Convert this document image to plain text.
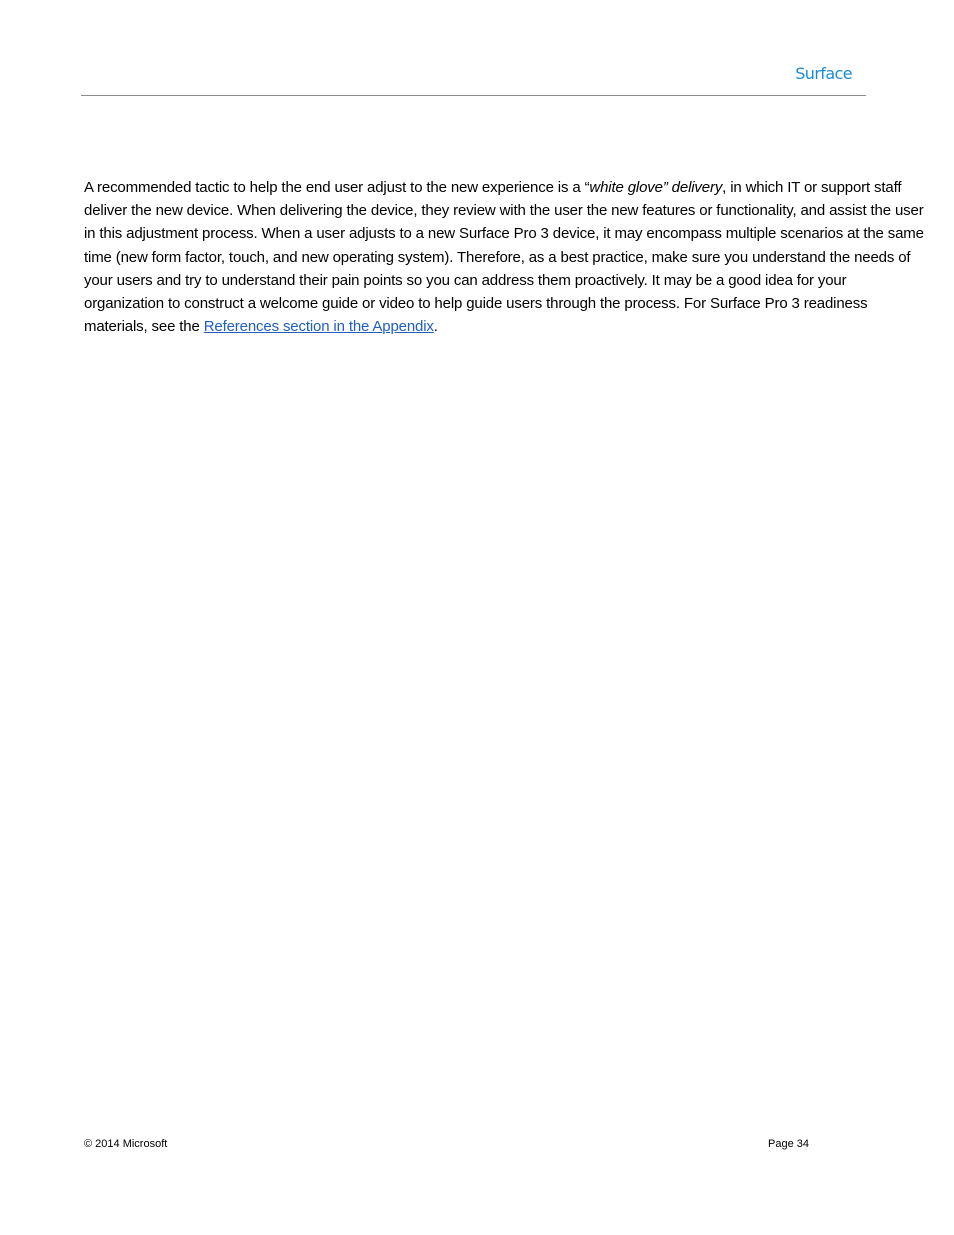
Surface

A recommended tactic to help the end user adjust to the new experience is a “white glove” delivery, in which IT or support staff deliver the new device. When delivering the device, they review with the user the new features or functionality, and assist the user in this adjustment process. When a user adjusts to a new Surface Pro 3 device, it may encompass multiple scenarios at the same time (new form factor, touch, and new operating system). Therefore, as a best practice, make sure you understand the needs of your users and try to understand their pain points so you can address them proactively. It may be a good idea for your organization to construct a welcome guide or video to help guide users through the process. For Surface Pro 3 readiness materials, see the References section in the Appendix.

© 2014 Microsoft	Page 34
